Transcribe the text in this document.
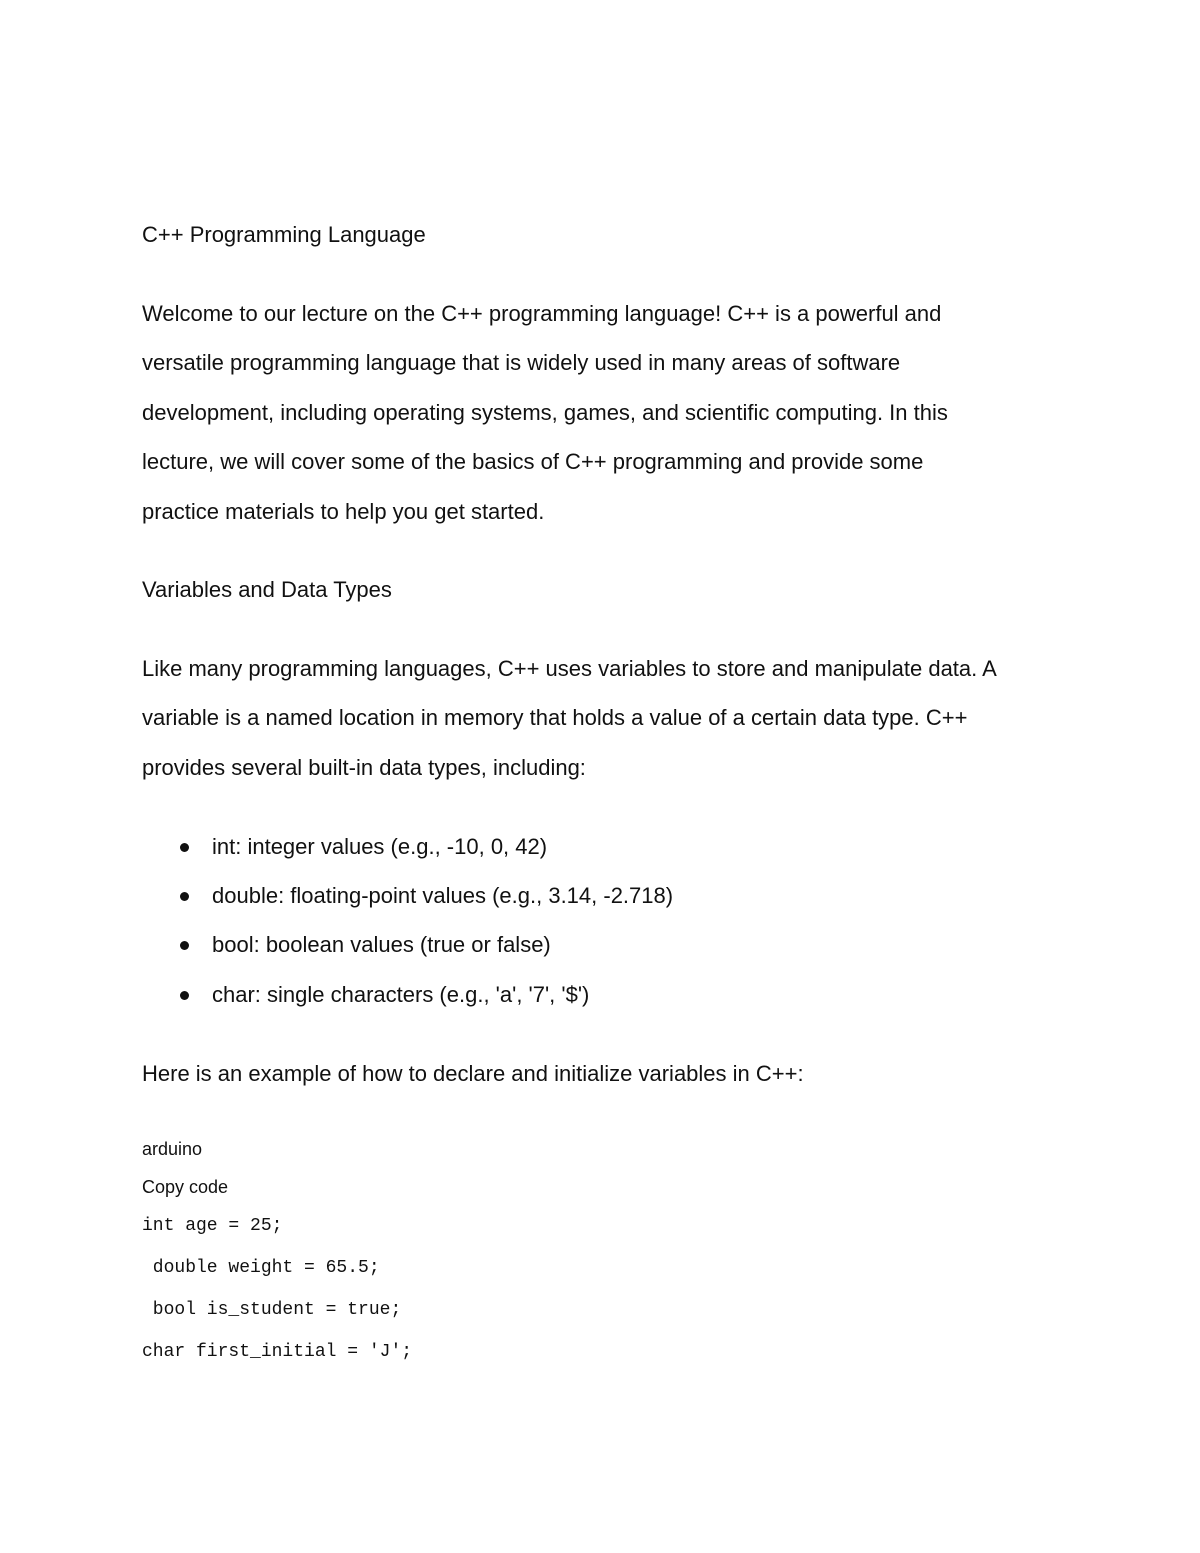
C++ Programming Language
Welcome to our lecture on the C++ programming language! C++ is a powerful and
versatile programming language that is widely used in many areas of software
development, including operating systems, games, and scientific computing. In this
lecture, we will cover some of the basics of C++ programming and provide some
practice materials to help you get started.
Variables and Data Types
Like many programming languages, C++ uses variables to store and manipulate data. A
variable is a named location in memory that holds a value of a certain data type. C++
provides several built-in data types, including:
int: integer values (e.g., -10, 0, 42)
double: floating-point values (e.g., 3.14, -2.718)
bool: boolean values (true or false)
char: single characters (e.g., 'a', '7', '$')
Here is an example of how to declare and initialize variables in C++:
arduino
Copy code
int age = 25;
double weight = 65.5;
bool is_student = true;
char first_initial = 'J';
